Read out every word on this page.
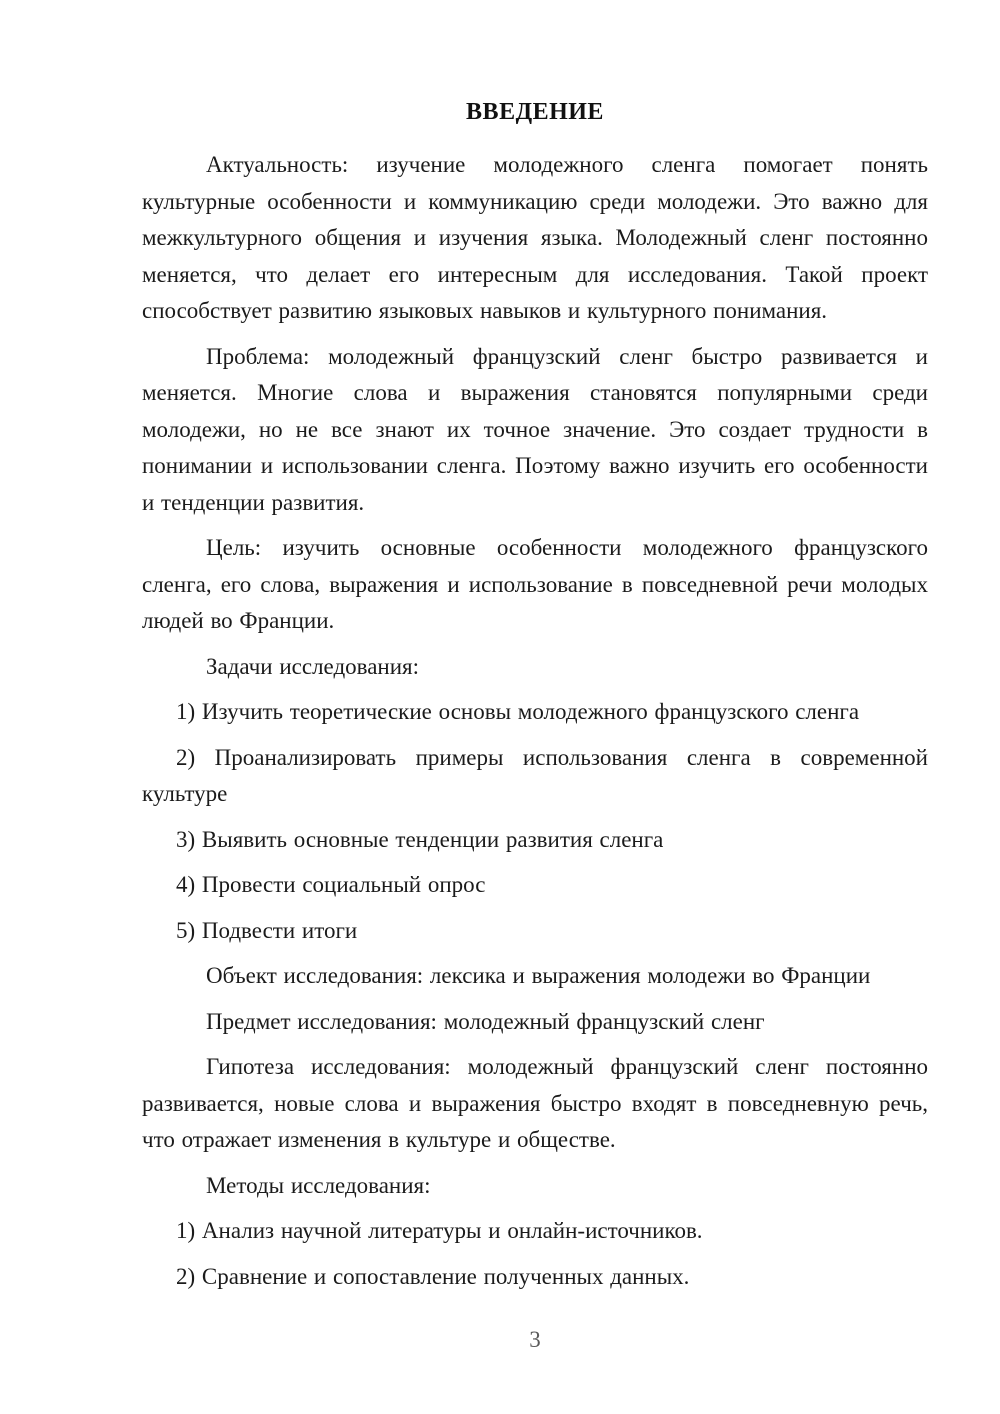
ВВЕДЕНИЕ

Актуальность: изучение молодежного сленга помогает понять культурные особенности и коммуникацию среди молодежи. Это важно для межкультурного общения и изучения языка. Молодежный сленг постоянно меняется, что делает его интересным для исследования. Такой проект способствует развитию языковых навыков и культурного понимания.

Проблема: молодежный французский сленг быстро развивается и меняется. Многие слова и выражения становятся популярными среди молодежи, но не все знают их точное значение. Это создает трудности в понимании и использовании сленга. Поэтому важно изучить его особенности и тенденции развития.

Цель: изучить основные особенности молодежного французского сленга, его слова, выражения и использование в повседневной речи молодых людей во Франции.

Задачи исследования:

1) Изучить теоретические основы молодежного французского сленга

2) Проанализировать примеры использования сленга в современной культуре

3) Выявить основные тенденции развития сленга

4) Провести социальный опрос

5) Подвести итоги

Объект исследования: лексика и выражения молодежи во Франции

Предмет исследования: молодежный французский сленг

Гипотеза исследования: молодежный французский сленг постоянно развивается, новые слова и выражения быстро входят в повседневную речь, что отражает изменения в культуре и обществе.

Методы исследования:

1) Анализ научной литературы и онлайн-источников.

2) Сравнение и сопоставление полученных данных.

3
